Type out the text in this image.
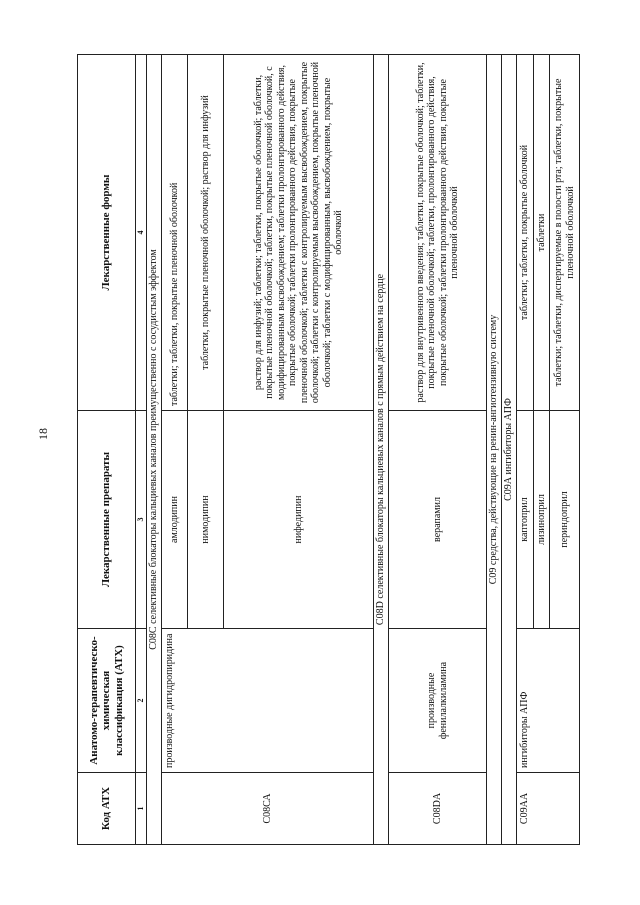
18
Код АТХ	Анатомо-терапевтическо-химическая классификация (АТХ)	Лекарственные препараты	Лекарственные формы
1	2	3	4
С08С селективные блокаторы кальциевых каналов преимущественно с сосудистым эффектом			
С08СА	производные дигидропиридина	амлодипин	таблетки; таблетки, покрытые пленочной оболочкой
		нимодипин	таблетки, покрытые пленочной оболочкой; раствор для инфузий
		нифедипин	раствор для инфузий; таблетки; таблетки, покрытые оболочкой; таблетки, покрытые пленочной оболочкой; таблетки, покрытые пленочной оболочкой, с модифицированным высвобождением; таблетки пролонгированного действия, покрытые оболочкой; таблетки пролонгированного действия, покрытые пленочной оболочкой; таблетки с контролируемым высвобождением, покрытые оболочкой; таблетки с контролируемым высвобождением, покрытые пленочной оболочкой; таблетки с модифицированным, высвобождением, покрытые оболочкой
С08D селективные блокаторы кальциевых каналов с прямым действием на сердце			
С08DА	производные фенилалкиламина	верапамил	раствор для внутривенного введения; таблетки, покрытые оболочкой; таблетки, покрытые пленочной оболочкой; таблетки, пролонгированного действия, покрытые оболочкой; таблетки пролонгированного действия, покрытые пленочной оболочкой
С09 средства, действующие на ренин-ангиотензивную систему			
С09А ингибиторы АПФ			
С09АА	ингибиторы АПФ	каптоприл	таблетки; таблетки, покрытые оболочкой
		лизиноприл	таблетки
		периндоприл	таблетки; таблетки, диспергируемые в полости рта; таблетки, покрытые пленочной оболочкой
